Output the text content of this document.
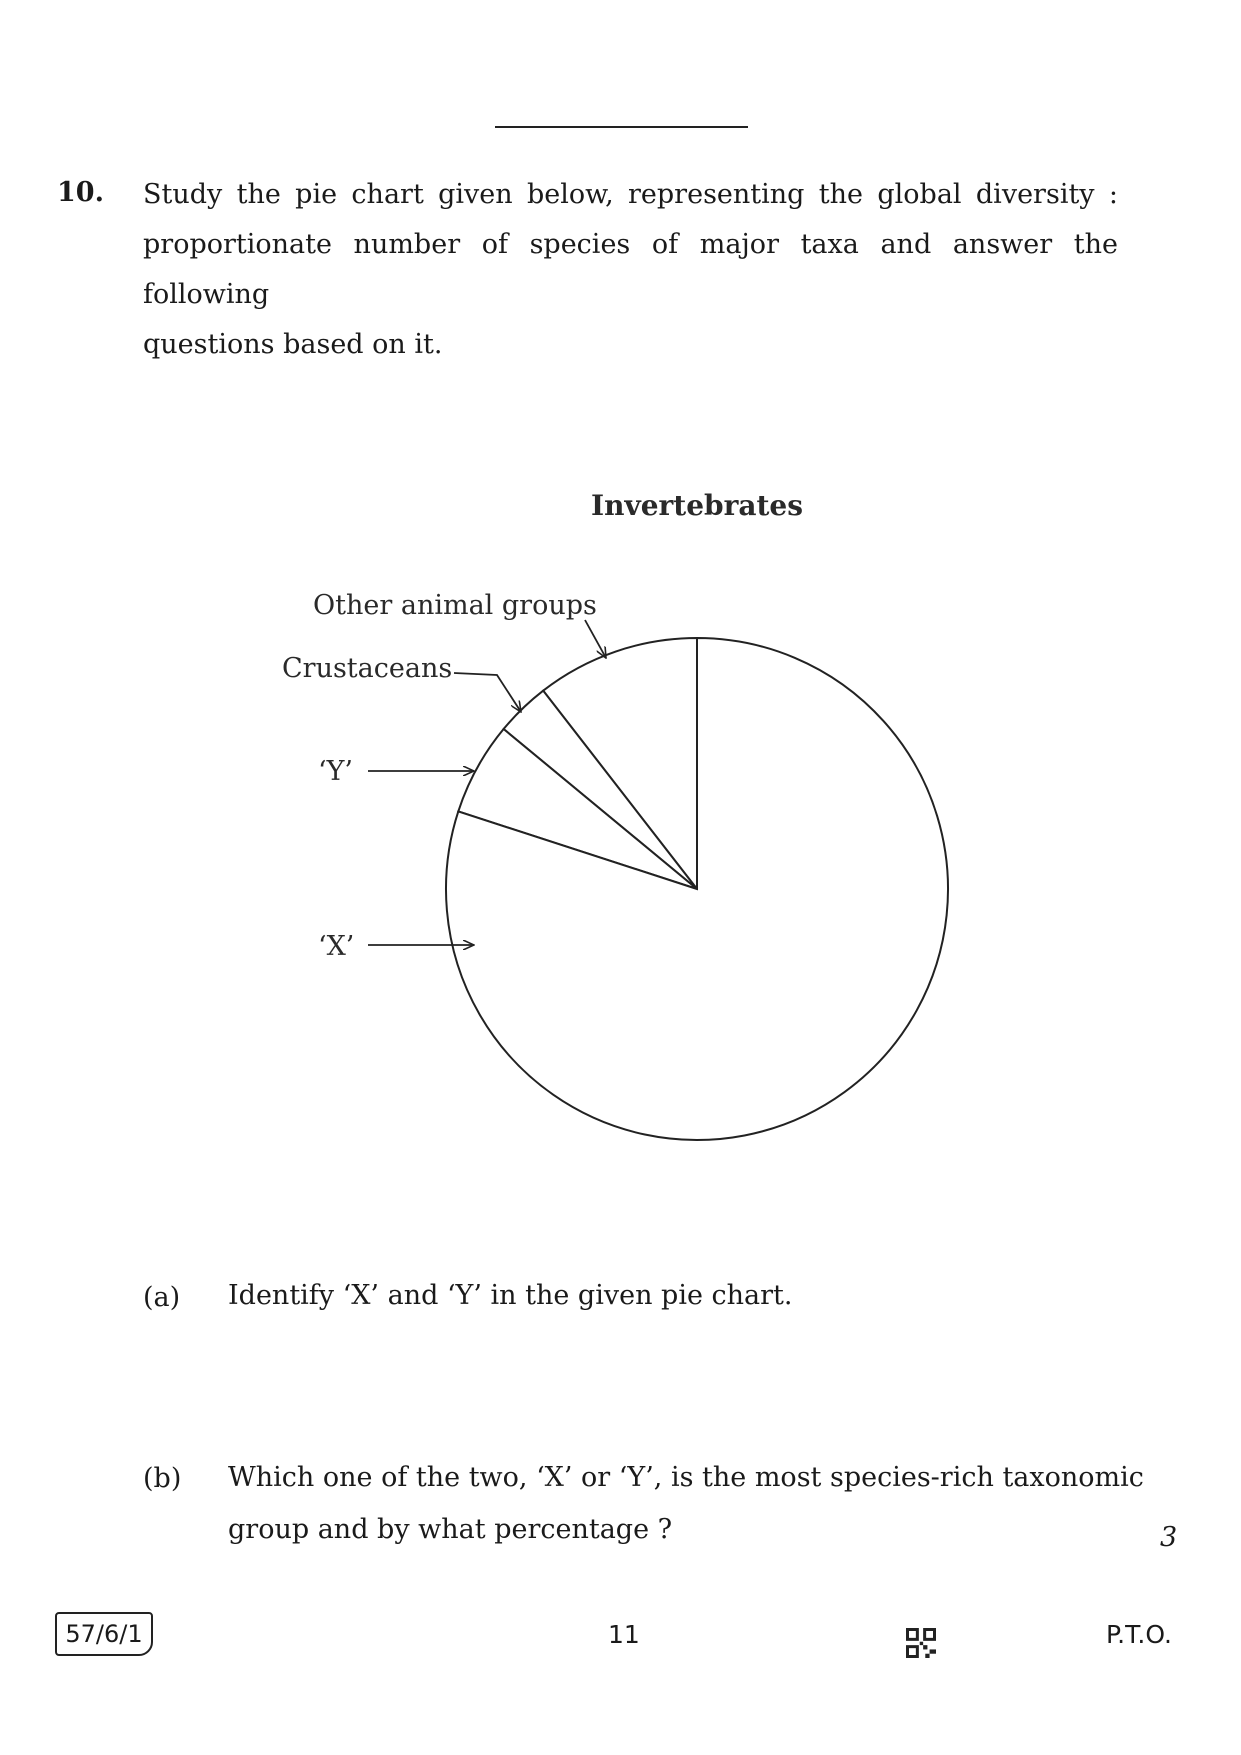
10. Study the pie chart given below, representing the global diversity :
proportionate number of species of major taxa and answer the following
questions based on it.
Invertebrates
Other animal groups
Crustaceans
‘Y’
‘X’
(a) Identify ‘X’ and ‘Y’ in the given pie chart.
(b) Which one of the two, ‘X’ or ‘Y’, is the most species-rich taxonomic
group and by what percentage ?	3
57/6/1	11	P.T.O.
